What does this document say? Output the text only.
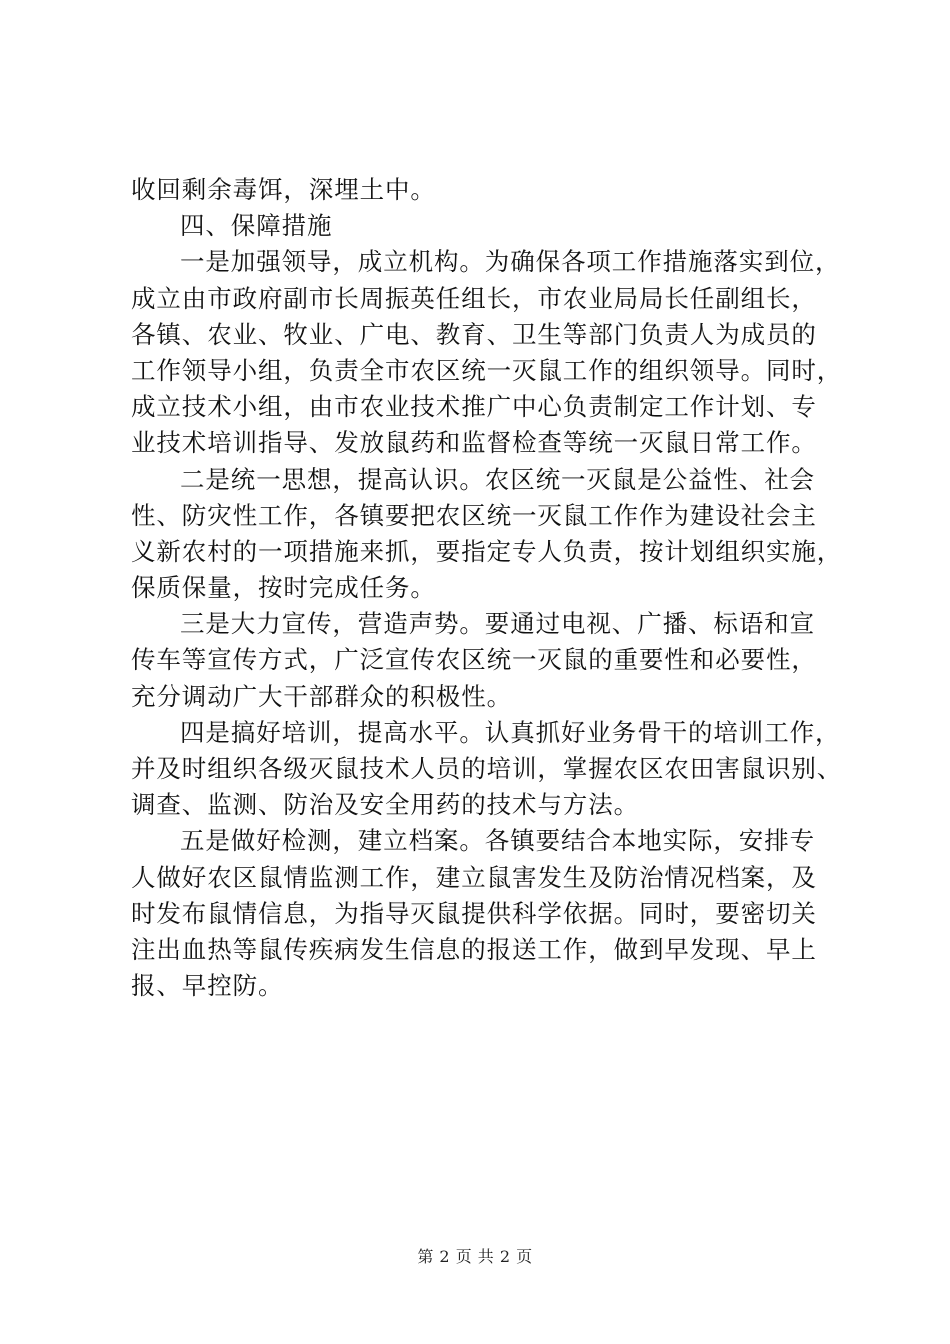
收回剩余毒饵，深埋土中。
四、保障措施
一是加强领导，成立机构。为确保各项工作措施落实到位，
成立由市政府副市长周振英任组长，市农业局局长任副组长，
各镇、农业、牧业、广电、教育、卫生等部门负责人为成员的
工作领导小组，负责全市农区统一灭鼠工作的组织领导。同时，
成立技术小组，由市农业技术推广中心负责制定工作计划、专
业技术培训指导、发放鼠药和监督检查等统一灭鼠日常工作。
二是统一思想，提高认识。农区统一灭鼠是公益性、社会
性、防灾性工作，各镇要把农区统一灭鼠工作作为建设社会主
义新农村的一项措施来抓，要指定专人负责，按计划组织实施，
保质保量，按时完成任务。
三是大力宣传，营造声势。要通过电视、广播、标语和宣
传车等宣传方式，广泛宣传农区统一灭鼠的重要性和必要性，
充分调动广大干部群众的积极性。
四是搞好培训，提高水平。认真抓好业务骨干的培训工作，
并及时组织各级灭鼠技术人员的培训，掌握农区农田害鼠识别、
调查、监测、防治及安全用药的技术与方法。
五是做好检测，建立档案。各镇要结合本地实际，安排专
人做好农区鼠情监测工作，建立鼠害发生及防治情况档案，及
时发布鼠情信息，为指导灭鼠提供科学依据。同时，要密切关
注出血热等鼠传疾病发生信息的报送工作，做到早发现、早上
报、早控防。
第 2 页 共 2 页
